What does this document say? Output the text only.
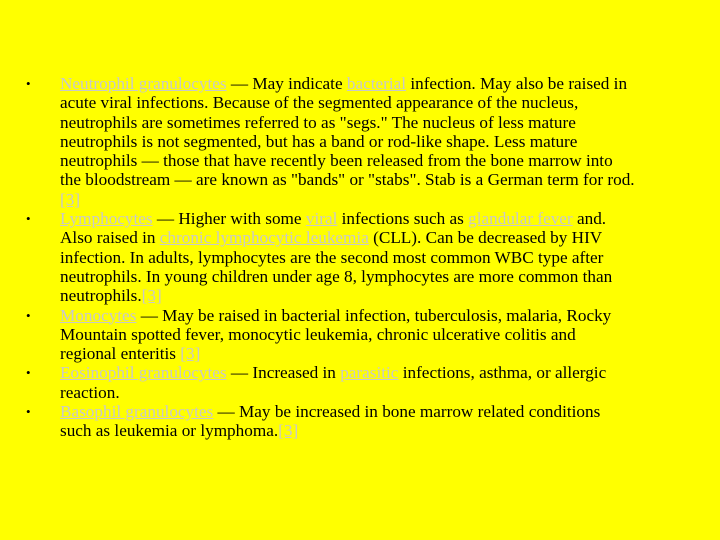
• Neutrophil granulocytes — May indicate bacterial infection. May also be raised in acute viral infections. Because of the segmented appearance of the nucleus, neutrophils are sometimes referred to as "segs." The nucleus of less mature neutrophils is not segmented, but has a band or rod-like shape. Less mature neutrophils — those that have recently been released from the bone marrow into the bloodstream — are known as "bands" or "stabs". Stab is a German term for rod.[3]
• Lymphocytes — Higher with some viral infections such as glandular fever and. Also raised in chronic lymphocytic leukemia (CLL). Can be decreased by HIV infection. In adults, lymphocytes are the second most common WBC type after neutrophils. In young children under age 8, lymphocytes are more common than neutrophils.[3]
• Monocytes — May be raised in bacterial infection, tuberculosis, malaria, Rocky Mountain spotted fever, monocytic leukemia, chronic ulcerative colitis and regional enteritis [3]
• Eosinophil granulocytes — Increased in parasitic infections, asthma, or allergic reaction.
• Basophil granulocytes — May be increased in bone marrow related conditions such as leukemia or lymphoma.[3]
